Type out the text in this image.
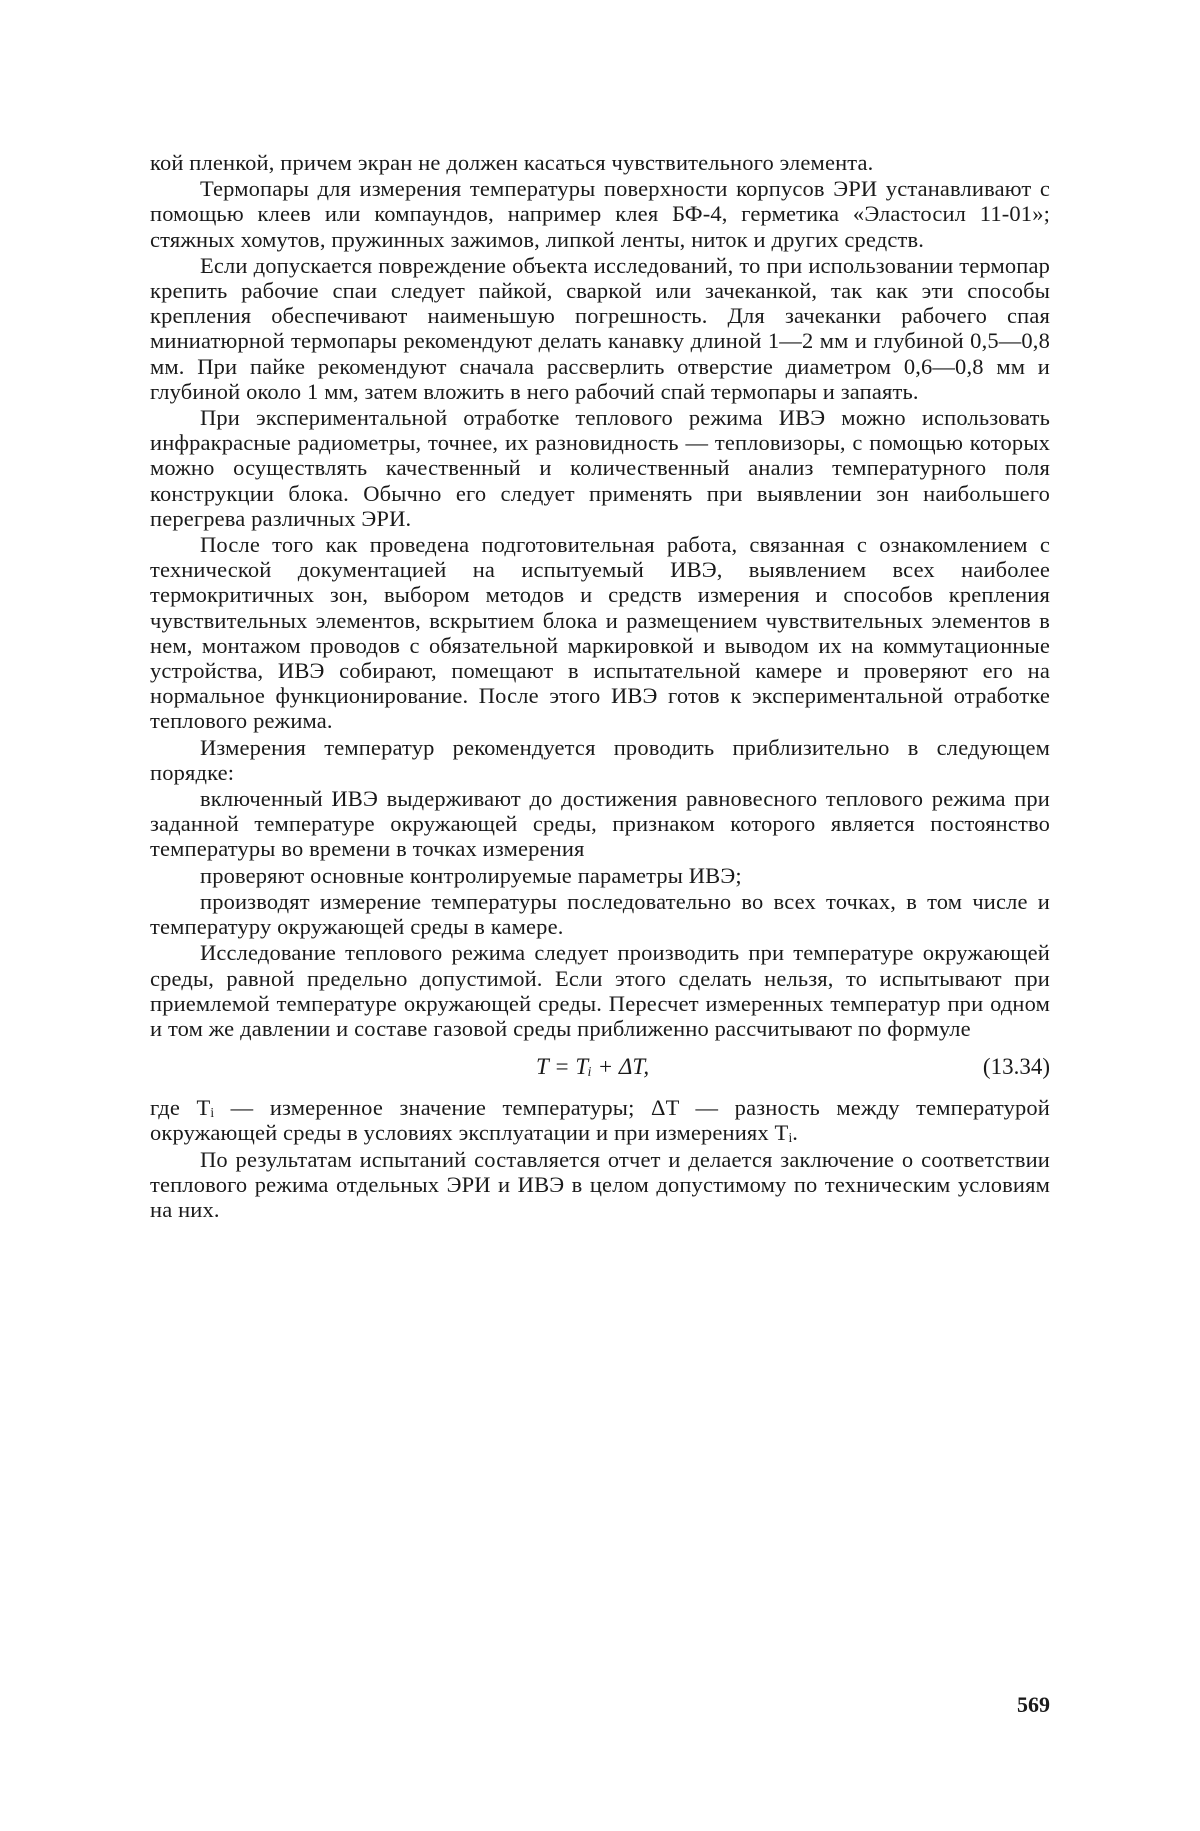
кой пленкой, причем экран не должен касаться чувствительного элемента.

Термопары для измерения температуры поверхности корпусов ЭРИ устанавливают с помощью клеев или компаундов, например клея БФ-4, герметика «Эластосил 11-01»; стяжных хомутов, пружинных зажимов, липкой ленты, ниток и других средств.

Если допускается повреждение объекта исследований, то при использовании термопар крепить рабочие спаи следует пайкой, сваркой или зачеканкой, так как эти способы крепления обеспечивают наименьшую погрешность. Для зачеканки рабочего спая миниатюрной термопары рекомендуют делать канавку длиной 1—2 мм и глубиной 0,5—0,8 мм. При пайке рекомендуют сначала рассверлить отверстие диаметром 0,6—0,8 мм и глубиной около 1 мм, затем вложить в него рабочий спай термопары и запаять.

При экспериментальной отработке теплового режима ИВЭ можно использовать инфракрасные радиометры, точнее, их разновидность — тепловизоры, с помощью которых можно осуществлять качественный и количественный анализ температурного поля конструкции блока. Обычно его следует применять при выявлении зон наибольшего перегрева различных ЭРИ.

После того как проведена подготовительная работа, связанная с ознакомлением с технической документацией на испытуемый ИВЭ, выявлением всех наиболее термокритичных зон, выбором методов и средств измерения и способов крепления чувствительных элементов, вскрытием блока и размещением чувствительных элементов в нем, монтажом проводов с обязательной маркировкой и выводом их на коммутационные устройства, ИВЭ собирают, помещают в испытательной камере и проверяют его на нормальное функционирование. После этого ИВЭ готов к экспериментальной отработке теплового режима.

Измерения температур рекомендуется проводить приблизительно в следующем порядке:

включенный ИВЭ выдерживают до достижения равновесного теплового режима при заданной температуре окружающей среды, признаком которого является постоянство температуры во времени в точках измерения

проверяют основные контролируемые параметры ИВЭ;

производят измерение температуры последовательно во всех точках, в том числе и температуру окружающей среды в камере.

Исследование теплового режима следует производить при температуре окружающей среды, равной предельно допустимой. Если этого сделать нельзя, то испытывают при приемлемой температуре окружающей среды. Пересчет измеренных температур при одном и том же давлении и составе газовой среды приближенно рассчитывают по формуле

T = Tᵢ + ΔT,	(13.34)

где Tᵢ — измеренное значение температуры; ΔT — разность между температурой окружающей среды в условиях эксплуатации и при измерениях Tᵢ.

По результатам испытаний составляется отчет и делается заключение о соответствии теплового режима отдельных ЭРИ и ИВЭ в целом допустимому по техническим условиям на них.

569
